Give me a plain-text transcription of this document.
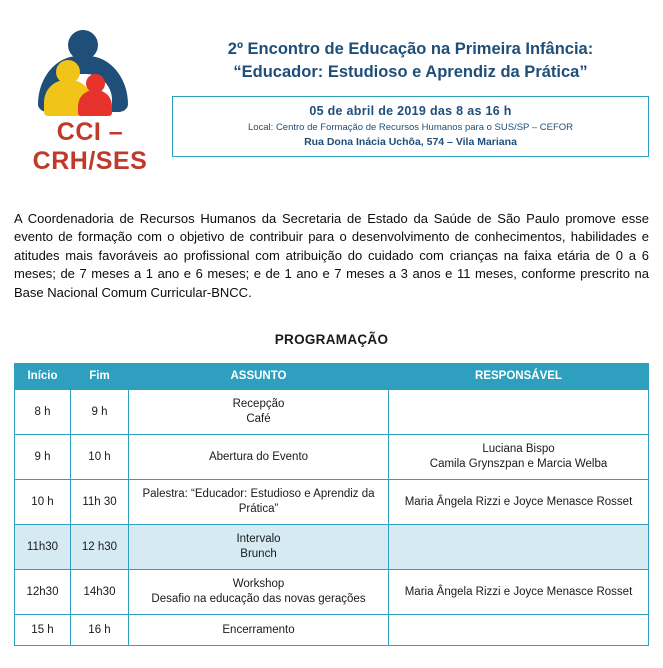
CCI – CRH/SES
2º Encontro de Educação na Primeira Infância:
“Educador: Estudioso e Aprendiz da Prática”
05 de abril de 2019 das 8 as 16 h
Local: Centro de Formação de Recursos Humanos para o SUS/SP – CEFOR
Rua Dona Inácia Uchôa, 574 – Vila Mariana

A Coordenadoria de Recursos Humanos da Secretaria de Estado da Saúde de São Paulo promove esse evento de formação com o objetivo de contribuir para o desenvolvimento de conhecimentos, habilidades e atitudes mais favoráveis ao profissional com atribuição do cuidado com crianças na faixa etária de 0 a 6 meses; de 7 meses a 1 ano e 6 meses; e de 1 ano e 7 meses a 3 anos e 11 meses, conforme prescrito na Base Nacional Comum Curricular-BNCC.

PROGRAMAÇÃO
Início	Fim	ASSUNTO	RESPONSÁVEL
8 h	9 h	Recepção
Café	
9 h	10 h	Abertura do Evento	Luciana Bispo
Camila Grynszpan e Marcia Welba
10 h	11h 30	Palestra: “Educador: Estudioso e Aprendiz da Prática”	Maria Ângela Rizzi e Joyce Menasce Rosset
11h30	12 h30	Intervalo
Brunch	
12h30	14h30	Workshop
Desafio na educação das novas gerações	Maria Ângela Rizzi e Joyce Menasce Rosset
15 h	16 h	Encerramento	
